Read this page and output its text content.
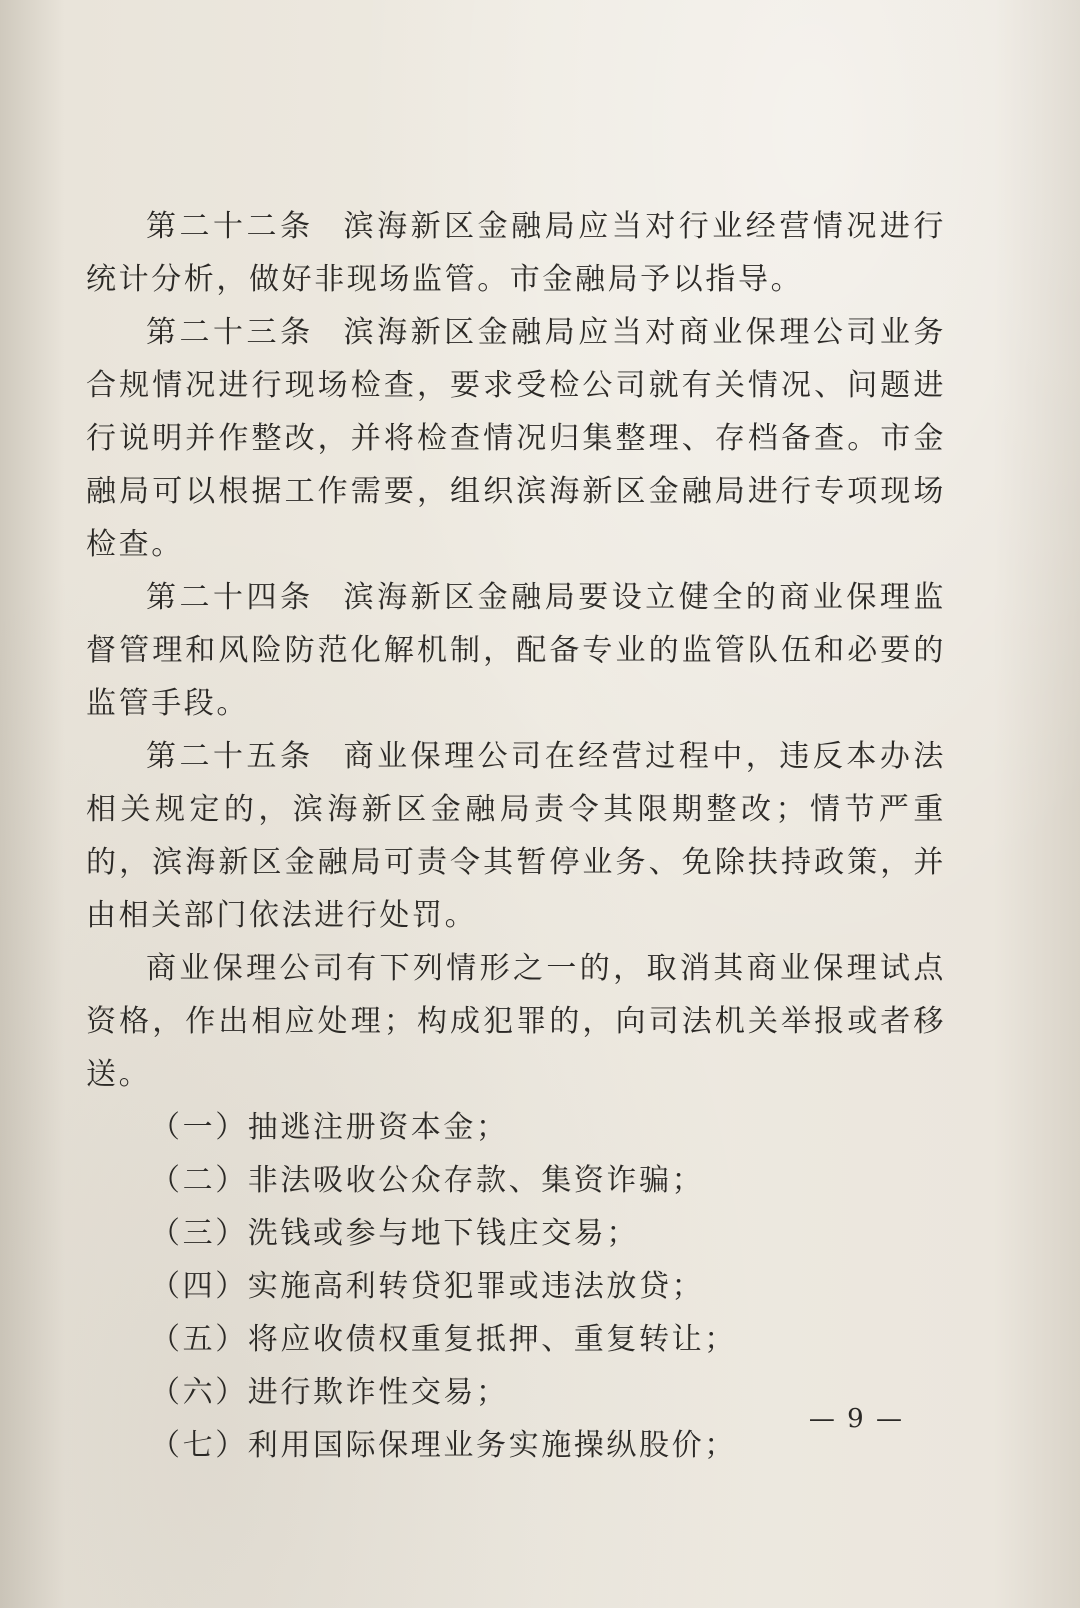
第二十二条 滨海新区金融局应当对行业经营情况进行统计分析，做好非现场监管。市金融局予以指导。

第二十三条 滨海新区金融局应当对商业保理公司业务合规情况进行现场检查，要求受检公司就有关情况、问题进行说明并作整改，并将检查情况归集整理、存档备查。市金融局可以根据工作需要，组织滨海新区金融局进行专项现场检查。

第二十四条 滨海新区金融局要设立健全的商业保理监督管理和风险防范化解机制，配备专业的监管队伍和必要的监管手段。

第二十五条 商业保理公司在经营过程中，违反本办法相关规定的，滨海新区金融局责令其限期整改；情节严重的，滨海新区金融局可责令其暂停业务、免除扶持政策，并由相关部门依法进行处罚。

商业保理公司有下列情形之一的，取消其商业保理试点资格，作出相应处理；构成犯罪的，向司法机关举报或者移送。

（一）抽逃注册资本金；

（二）非法吸收公众存款、集资诈骗；

（三）洗钱或参与地下钱庄交易；

（四）实施高利转贷犯罪或违法放贷；

（五）将应收债权重复抵押、重复转让；

（六）进行欺诈性交易；

（七）利用国际保理业务实施操纵股价；

— 9 —
